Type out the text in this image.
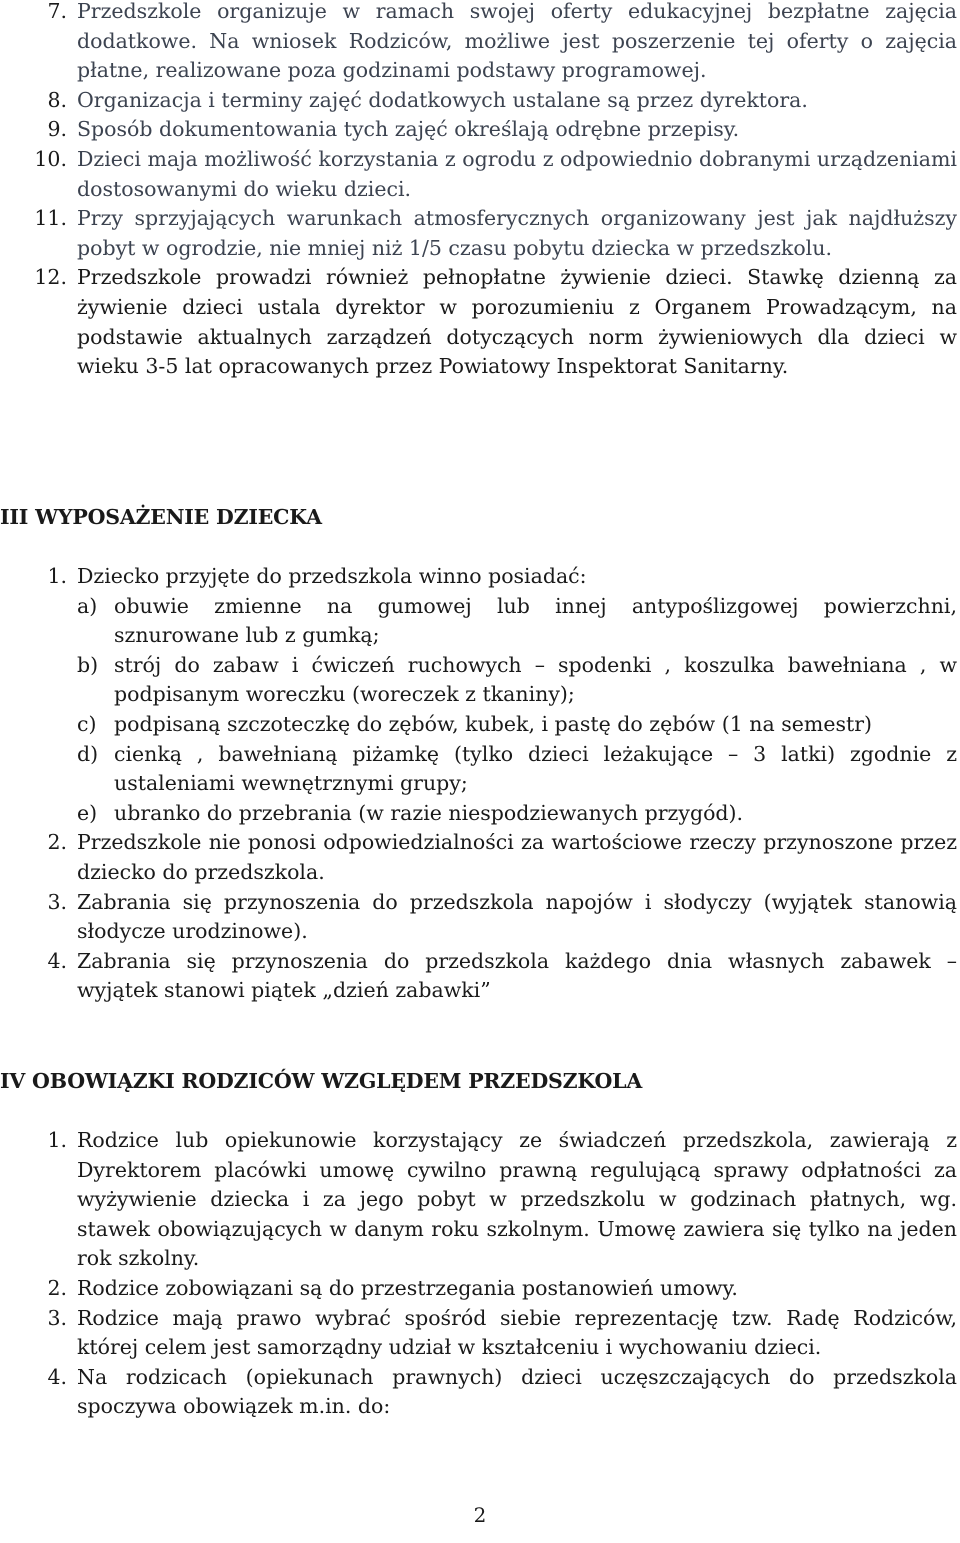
7. Przedszkole organizuje w ramach swojej oferty edukacyjnej bezpłatne zajęcia dodatkowe. Na wniosek Rodziców, możliwe jest poszerzenie tej oferty o zajęcia płatne, realizowane poza godzinami podstawy programowej.
8. Organizacja i terminy zajęć dodatkowych ustalane są przez dyrektora.
9. Sposób dokumentowania tych zajęć określają odrębne przepisy.
10. Dzieci maja możliwość korzystania z ogrodu z odpowiednio dobranymi urządzeniami dostosowanymi do wieku dzieci.
11. Przy sprzyjających warunkach atmosferycznych organizowany jest jak najdłuższy pobyt w ogrodzie, nie mniej niż 1/5 czasu pobytu dziecka w przedszkolu.
12. Przedszkole prowadzi również pełnopłatne żywienie dzieci. Stawkę dzienną za żywienie dzieci ustala dyrektor w porozumieniu z Organem Prowadzącym, na podstawie aktualnych zarządzeń dotyczących norm żywieniowych dla dzieci w wieku 3-5 lat opracowanych przez Powiatowy Inspektorat Sanitarny.
III WYPOSAŻENIE DZIECKA
1. Dziecko przyjęte do przedszkola winno posiadać:
a) obuwie zmienne na gumowej lub innej antypoślizgowej powierzchni, sznurowane lub z gumką;
b) strój do zabaw i ćwiczeń ruchowych – spodenki , koszulka bawełniana , w podpisanym woreczku (woreczek z tkaniny);
c) podpisaną szczoteczkę do zębów, kubek, i pastę do zębów (1 na semestr)
d) cienką , bawełnianą piżamkę (tylko dzieci leżakujące – 3 latki) zgodnie z ustaleniami wewnętrznymi grupy;
e) ubranko do przebrania (w razie niespodziewanych przygód).
2. Przedszkole nie ponosi odpowiedzialności za wartościowe rzeczy przynoszone przez dziecko do przedszkola.
3. Zabrania się przynoszenia do przedszkola napojów i słodyczy (wyjątek stanowią słodycze urodzinowe).
4. Zabrania się przynoszenia do przedszkola każdego dnia własnych zabawek – wyjątek stanowi piątek „dzień zabawki”
IV OBOWIĄZKI RODZICÓW WZGLĘDEM PRZEDSZKOLA
1. Rodzice lub opiekunowie korzystający ze świadczeń przedszkola, zawierają z Dyrektorem placówki umowę cywilno prawną regulującą sprawy odpłatności za wyżywienie dziecka i za jego pobyt w przedszkolu w godzinach płatnych, wg. stawek obowiązujących w danym roku szkolnym. Umowę zawiera się tylko na jeden rok szkolny.
2. Rodzice zobowiązani są do przestrzegania postanowień umowy.
3. Rodzice mają prawo wybrać spośród siebie reprezentację tzw. Radę Rodziców, której celem jest samorządny udział w kształceniu i wychowaniu dzieci.
4. Na rodzicach (opiekunach prawnych) dzieci uczęszczających do przedszkola spoczywa obowiązek m.in. do:
2
